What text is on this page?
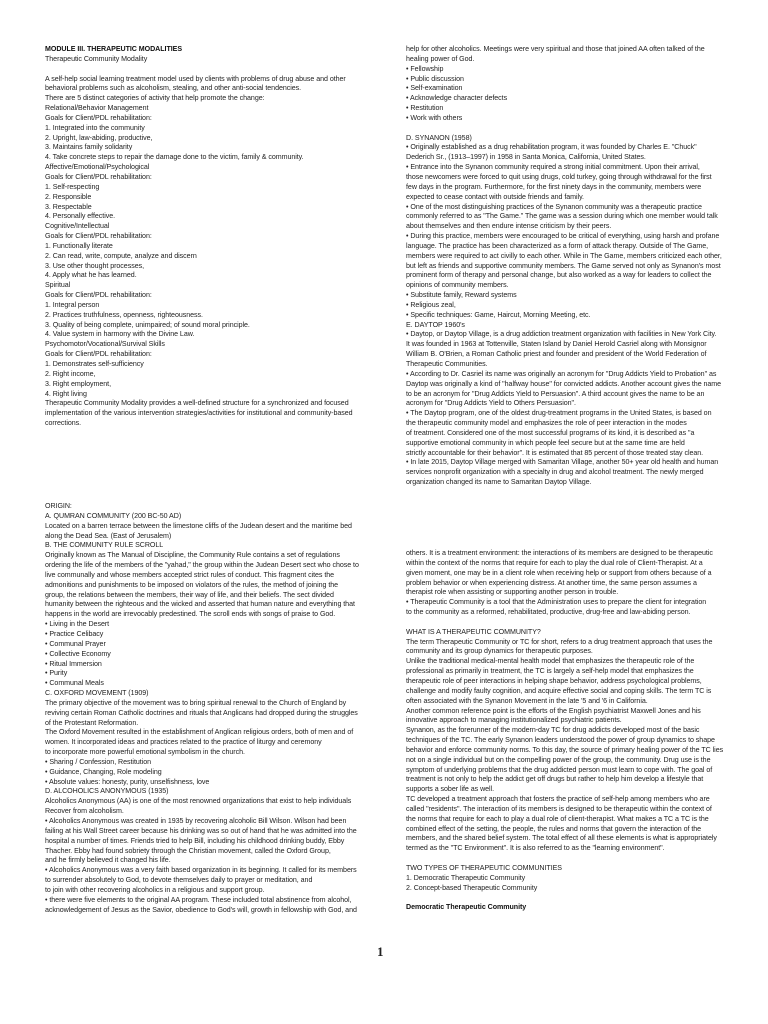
MODULE III. THERAPEUTIC MODALITIES
Therapeutic Community Modality
A self-help social learning treatment model used by clients with problems of drug abuse and other
behavioral problems such as alcoholism, stealing, and other anti-social tendencies.
There are 5 distinct categories of activity that help promote the change:
Relational/Behavior Management
Goals for Client/PDL rehabilitation:
1. Integrated into the community
2. Upright, law-abiding, productive,
3. Maintains family solidarity
4. Take concrete steps to repair the damage done to the victim, family & community.
Affective/Emotional/Psychological
Goals for Client/PDL rehabilitation:
1. Self-respecting
2. Responsible
3. Respectable
4. Personally effective.
Cognitive/Intellectual
Goals for Client/PDL rehabilitation:
1. Functionally literate
2. Can read, write, compute, analyze and discern
3. Use other thought processes,
4. Apply what he has learned.
Spiritual
Goals for Client/PDL rehabilitation:
1. Integral person
2. Practices truthfulness, openness, righteousness.
3. Quality of being complete, unimpaired; of sound moral principle.
4. Value system in harmony with the Divine Law.
Psychomotor/Vocational/Survival Skills
Goals for Client/PDL rehabilitation:
1. Demonstrates self-sufficiency
2. Right income,
3. Right employment,
4. Right living
Therapeutic Community Modality provides a well-defined structure for a synchronized and focused
implementation of the various intervention strategies/activities for institutional and community-based
corrections.
ORIGIN:
A. QUMRAN COMMUNITY (200 BC-50 AD)
Located on a barren terrace between the limestone cliffs of the Judean desert and the maritime bed
along the Dead Sea. (East of Jerusalem)
B. THE COMMUNITY RULE SCROLL
Originally known as The Manual of Discipline, the Community Rule contains a set of regulations
ordering the life of the members of the "yahad," the group within the Judean Desert sect who chose to
live communally and whose members accepted strict rules of conduct. This fragment cites the
admonitions and punishments to be imposed on violators of the rules, the method of joining the
group, the relations between the members, their way of life, and their beliefs. The sect divided
humanity between the righteous and the wicked and asserted that human nature and everything that
happens in the world are irrevocably predestined. The scroll ends with songs of praise to God.
• Living in the Desert
• Practice Celibacy
• Communal Prayer
• Collective Economy
• Ritual Immersion
• Purity
• Communal Meals
C. OXFORD MOVEMENT (1909)
The primary objective of the movement was to bring spiritual renewal to the Church of England by
reviving certain Roman Catholic doctrines and rituals that Anglicans had dropped during the struggles
of the Protestant Reformation.
The Oxford Movement resulted in the establishment of Anglican religious orders, both of men and of
women. It incorporated ideas and practices related to the practice of liturgy and ceremony
to incorporate more powerful emotional symbolism in the church.
• Sharing / Confession, Restitution
• Guidance, Changing, Role modeling
• Absolute values: honesty, purity, unselfishness, love
D. ALCOHOLICS ANONYMOUS (1935)
Alcoholics Anonymous (AA) is one of the most renowned organizations that exist to help individuals
Recover from alcoholism.
• Alcoholics Anonymous was created in 1935 by recovering alcoholic Bill Wilson. Wilson had been
failing at his Wall Street career because his drinking was so out of hand that he was admitted into the
hospital a number of times. Friends tried to help Bill, including his childhood drinking buddy, Ebby
Thacher. Ebby had found sobriety through the Christian movement, called the Oxford Group,
and he firmly believed it changed his life.
• Alcoholics Anonymous was a very faith based organization in its beginning. It called for its members
to surrender absolutely to God, to devote themselves daily to prayer or meditation, and
to join with other recovering alcoholics in a religious and support group.
• there were five elements to the original AA program. These included total abstinence from alcohol,
acknowledgement of Jesus as the Savior, obedience to God's will, growth in fellowship with God, and
help for other alcoholics. Meetings were very spiritual and those that joined AA often talked of the
healing power of God.
• Fellowship
• Public discussion
• Self-examination
• Acknowledge character defects
• Restitution
• Work with others
D. SYNANON (1958)
• Originally established as a drug rehabilitation program, it was founded by Charles E. "Chuck"
Dederich Sr., (1913–1997) in 1958 in Santa Monica, California, United States.
• Entrance into the Synanon community required a strong initial commitment. Upon their arrival,
those newcomers were forced to quit using drugs, cold turkey, going through withdrawal for the first
few days in the program. Furthermore, for the first ninety days in the community, members were
expected to cease contact with outside friends and family.
• One of the most distinguishing practices of the Synanon community was a therapeutic practice
commonly referred to as "The Game." The game was a session during which one member would talk
about themselves and then endure intense criticism by their peers.
• During this practice, members were encouraged to be critical of everything, using harsh and profane
language. The practice has been characterized as a form of attack therapy. Outside of The Game,
members were required to act civilly to each other. While in The Game, members criticized each other,
but left as friends and supportive community members. The Game served not only as Synanon's most
prominent form of therapy and personal change, but also worked as a way for leaders to collect the
opinions of community members.
• Substitute family, Reward systems
• Religious zeal,
• Specific techniques: Game, Haircut, Morning Meeting, etc.
E. DAYTOP 1960's
• Daytop, or Daytop Village, is a drug addiction treatment organization with facilities in New York City.
It was founded in 1963 at Tottenville, Staten Island by Daniel Herold Casriel along with Monsignor
William B. O'Brien, a Roman Catholic priest and founder and president of the World Federation of
Therapeutic Communities.
• According to Dr. Casriel its name was originally an acronym for "Drug Addicts Yield to Probation" as
Daytop was originally a kind of "halfway house" for convicted addicts. Another account gives the name
to be an acronym for "Drug Addicts Yield to Persuasion". A third account gives the name to be an
acronym for "Drug Addicts Yield to Others Persuasion".
• The Daytop program, one of the oldest drug-treatment programs in the United States, is based on
the therapeutic community model and emphasizes the role of peer interaction in the modes
of treatment. Considered one of the most successful programs of its kind, it is described as "a
supportive emotional community in which people feel secure but at the same time are held
strictly accountable for their behavior". It is estimated that 85 percent of those treated stay clean.
• In late 2015, Daytop Village merged with Samaritan Village, another 50+ year old health and human
services nonprofit organization with a specialty in drug and alcohol treatment. The newly merged
organization changed its name to Samaritan Daytop Village.
others. It is a treatment environment: the interactions of its members are designed to be therapeutic
within the context of the norms that require for each to play the dual role of Client-Therapist. At a
given moment, one may be in a client role when receiving help or support from others because of a
problem behavior or when experiencing distress. At another time, the same person assumes a
therapist role when assisting or supporting another person in trouble.
• Therapeutic Community is a tool that the Administration uses to prepare the client for integration
to the community as a reformed, rehabilitated, productive, drug-free and law-abiding person.
WHAT IS A THERAPEUTIC COMMUNITY?
The term Therapeutic Community or TC for short, refers to a drug treatment approach that uses the
community and its group dynamics for therapeutic purposes.
Unlike the traditional medical-mental health model that emphasizes the therapeutic role of the
professional as primarily in treatment, the TC is largely a self-help model that emphasizes the
therapeutic role of peer interactions in helping shape behavior, address psychological problems,
challenge and modify faulty cognition, and acquire effective social and coping skills. The term TC is
often associated with the Synanon Movement in the late '5 and '6 in California.
Another common reference point is the efforts of the English psychiatrist Maxwell Jones and his
innovative approach to managing institutionalized psychiatric patients.
Synanon, as the forerunner of the modern-day TC for drug addicts developed most of the basic
techniques of the TC. The early Synanon leaders understood the power of group dynamics to shape
behavior and enforce community norms. To this day, the source of primary healing power of the TC lies
not on a single individual but on the compelling power of the group, the community. Drug use is the
symptom of underlying problems that the drug addicted person must learn to cope with. The goal of
treatment is not only to help the addict get off drugs but rather to help him develop a lifestyle that
supports a sober life as well.
TC developed a treatment approach that fosters the practice of self-help among members who are
called "residents". The interaction of its members is designed to be therapeutic within the context of
the norms that require for each to play a dual role of client-therapist. What makes a TC a TC is the
combined effect of the setting, the people, the rules and norms that govern the interaction of the
members, and the shared belief system. The total effect of all these elements is what is appropriately
termed as the "TC Environment". It is also referred to as the "learning environment".
TWO TYPES OF THERAPEUTIC COMMUNITIES
1. Democratic Therapeutic Community
2. Concept-based Therapeutic Community
Democratic Therapeutic Community
1
